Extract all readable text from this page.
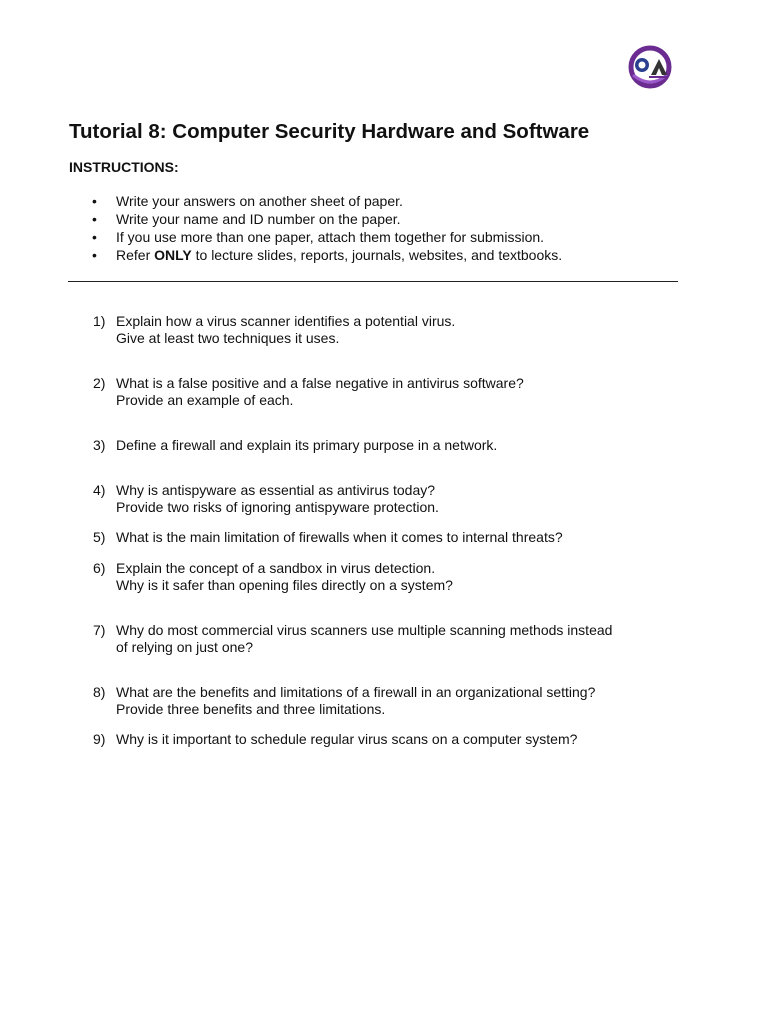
Tutorial 8: Computer Security Hardware and Software
INSTRUCTIONS:
• Write your answers on another sheet of paper.
• Write your name and ID number on the paper.
• If you use more than one paper, attach them together for submission.
• Refer ONLY to lecture slides, reports, journals, websites, and textbooks.
1) Explain how a virus scanner identifies a potential virus.
Give at least two techniques it uses.
2) What is a false positive and a false negative in antivirus software?
Provide an example of each.
3) Define a firewall and explain its primary purpose in a network.
4) Why is antispyware as essential as antivirus today?
Provide two risks of ignoring antispyware protection.
5) What is the main limitation of firewalls when it comes to internal threats?
6) Explain the concept of a sandbox in virus detection.
Why is it safer than opening files directly on a system?
7) Why do most commercial virus scanners use multiple scanning methods instead
of relying on just one?
8) What are the benefits and limitations of a firewall in an organizational setting?
Provide three benefits and three limitations.
9) Why is it important to schedule regular virus scans on a computer system?
